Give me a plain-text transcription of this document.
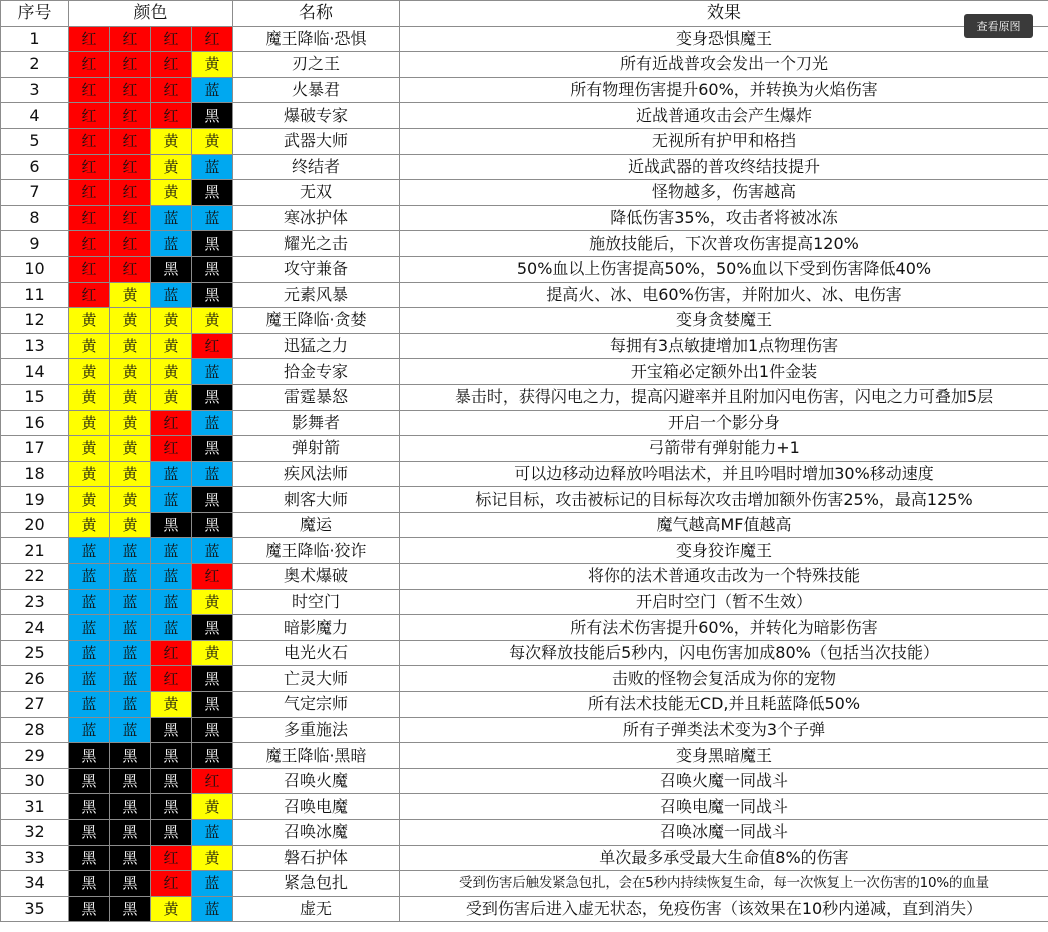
序号	颜色				名称	效果
1	红	红	红	红	魔王降临·恐惧	变身恐惧魔王
2	红	红	红	黄	刃之王	所有近战普攻会发出一个刀光
3	红	红	红	蓝	火暴君	所有物理伤害提升60%，并转换为火焰伤害
4	红	红	红	黑	爆破专家	近战普通攻击会产生爆炸
5	红	红	黄	黄	武器大师	无视所有护甲和格挡
6	红	红	黄	蓝	终结者	近战武器的普攻终结技提升
7	红	红	黄	黑	无双	怪物越多，伤害越高
8	红	红	蓝	蓝	寒冰护体	降低伤害35%，攻击者将被冰冻
9	红	红	蓝	黑	耀光之击	施放技能后，下次普攻伤害提高120%
10	红	红	黑	黑	攻守兼备	50%血以上伤害提高50%，50%血以下受到伤害降低40%
11	红	黄	蓝	黑	元素风暴	提高火、冰、电60%伤害，并附加火、冰、电伤害
12	黄	黄	黄	黄	魔王降临·贪婪	变身贪婪魔王
13	黄	黄	黄	红	迅猛之力	每拥有3点敏捷增加1点物理伤害
14	黄	黄	黄	蓝	拾金专家	开宝箱必定额外出1件金装
15	黄	黄	黄	黑	雷霆暴怒	暴击时，获得闪电之力，提高闪避率并且附加闪电伤害，闪电之力可叠加5层
16	黄	黄	红	蓝	影舞者	开启一个影分身
17	黄	黄	红	黑	弹射箭	弓箭带有弹射能力+1
18	黄	黄	蓝	蓝	疾风法师	可以边移动边释放吟唱法术，并且吟唱时增加30%移动速度
19	黄	黄	蓝	黑	刺客大师	标记目标，攻击被标记的目标每次攻击增加额外伤害25%，最高125%
20	黄	黄	黑	黑	魔运	魔气越高MF值越高
21	蓝	蓝	蓝	蓝	魔王降临·狡诈	变身狡诈魔王
22	蓝	蓝	蓝	红	奥术爆破	将你的法术普通攻击改为一个特殊技能
23	蓝	蓝	蓝	黄	时空门	开启时空门（暂不生效）
24	蓝	蓝	蓝	黑	暗影魔力	所有法术伤害提升60%，并转化为暗影伤害
25	蓝	蓝	红	黄	电光火石	每次释放技能后5秒内，闪电伤害加成80%（包括当次技能）
26	蓝	蓝	红	黑	亡灵大师	击败的怪物会复活成为你的宠物
27	蓝	蓝	黄	黑	气定宗师	所有法术技能无CD,并且耗蓝降低50%
28	蓝	蓝	黑	黑	多重施法	所有子弹类法术变为3个子弹
29	黑	黑	黑	黑	魔王降临·黑暗	变身黑暗魔王
30	黑	黑	黑	红	召唤火魔	召唤火魔一同战斗
31	黑	黑	黑	黄	召唤电魔	召唤电魔一同战斗
32	黑	黑	黑	蓝	召唤冰魔	召唤冰魔一同战斗
33	黑	黑	红	黄	磐石护体	单次最多承受最大生命值8%的伤害
34	黑	黑	红	蓝	紧急包扎	受到伤害后触发紧急包扎，会在5秒内持续恢复生命，每一次恢复上一次伤害的10%的血量
35	黑	黑	黄	蓝	虚无	受到伤害后进入虚无状态，免疫伤害（该效果在10秒内递减，直到消失）
查看原图
